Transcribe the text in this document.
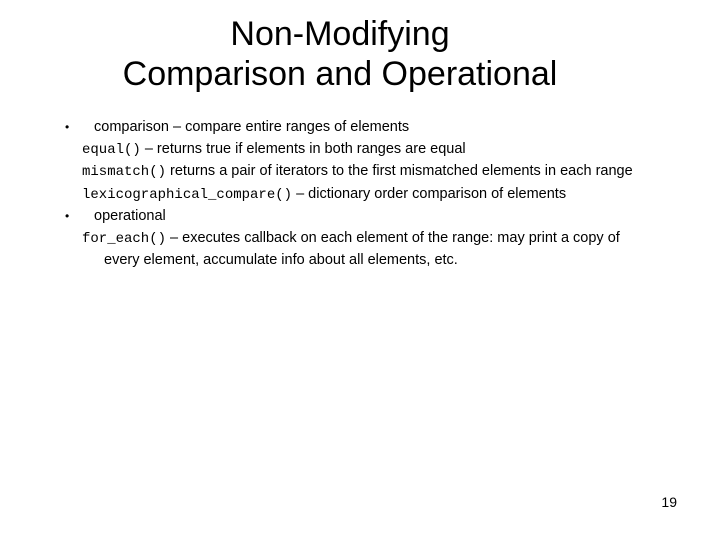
Non-Modifying
Comparison and Operational
• comparison – compare entire ranges of elements
equal() – returns true if elements in both ranges are equal
mismatch() returns a pair of iterators to the first mismatched elements in each range
lexicographical_compare() – dictionary order comparison of elements
• operational
for_each() – executes callback on each element of the range: may print a copy of every element, accumulate info about all elements, etc.
19
